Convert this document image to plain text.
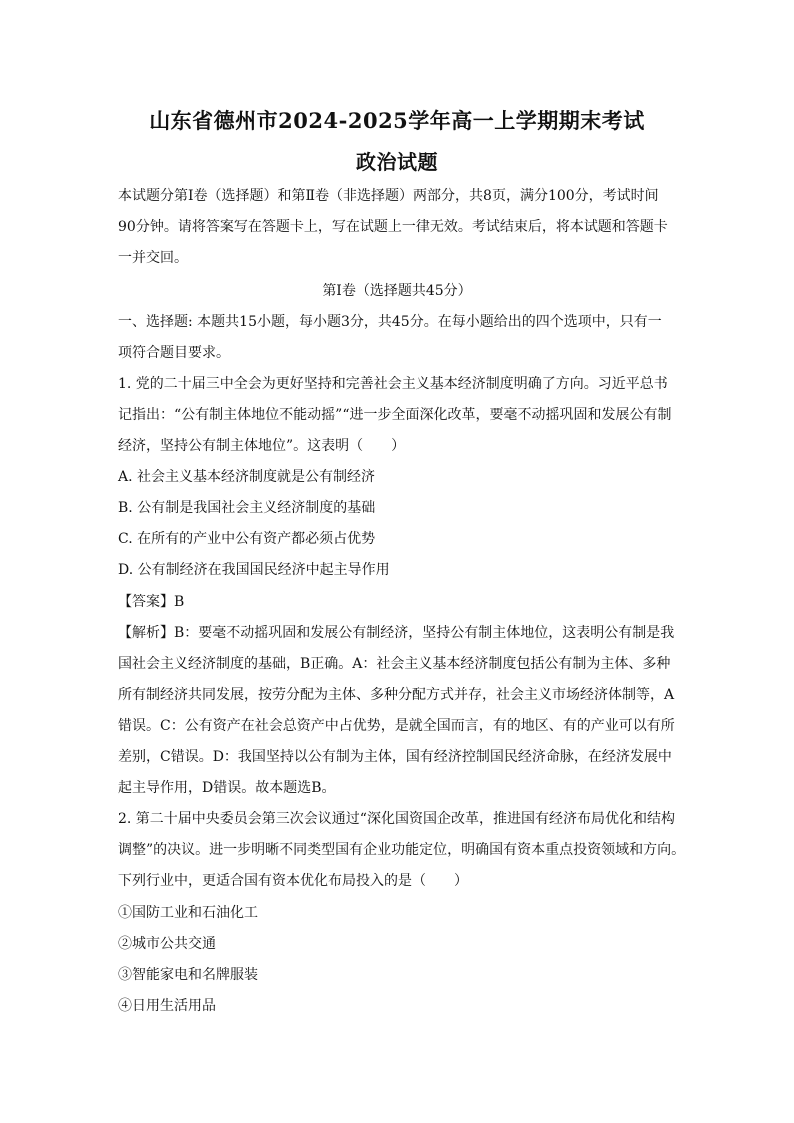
山东省德州市2024-2025学年高一上学期期末考试
政治试题
本试题分第Ⅰ卷（选择题）和第Ⅱ卷（非选择题）两部分，共8页，满分100分，考试时间
90分钟。请将答案写在答题卡上，写在试题上一律无效。考试结束后，将本试题和答题卡
一并交回。
第Ⅰ卷（选择题共45分）
一、选择题: 本题共15小题，每小题3分，共45分。在每小题给出的四个选项中，只有一
项符合题目要求。
1. 党的二十届三中全会为更好坚持和完善社会主义基本经济制度明确了方向。习近平总书
记指出：“公有制主体地位不能动摇”“进一步全面深化改革，要毫不动摇巩固和发展公有制
经济，坚持公有制主体地位”。这表明（　　）
A. 社会主义基本经济制度就是公有制经济
B. 公有制是我国社会主义经济制度的基础
C. 在所有的产业中公有资产都必须占优势
D. 公有制经济在我国国民经济中起主导作用
【答案】B
【解析】B：要毫不动摇巩固和发展公有制经济，坚持公有制主体地位，这表明公有制是我
国社会主义经济制度的基础，B正确。A：社会主义基本经济制度包括公有制为主体、多种
所有制经济共同发展，按劳分配为主体、多种分配方式并存，社会主义市场经济体制等，A
错误。C：公有资产在社会总资产中占优势，是就全国而言，有的地区、有的产业可以有所
差别，C错误。D：我国坚持以公有制为主体，国有经济控制国民经济命脉，在经济发展中
起主导作用，D错误。故本题选B。
2. 第二十届中央委员会第三次会议通过“深化国资国企改革，推进国有经济布局优化和结构
调整”的决议。进一步明晰不同类型国有企业功能定位，明确国有资本重点投资领域和方向。
下列行业中，更适合国有资本优化布局投入的是（　　）
①国防工业和石油化工
②城市公共交通
③智能家电和名牌服装
④日用生活用品
